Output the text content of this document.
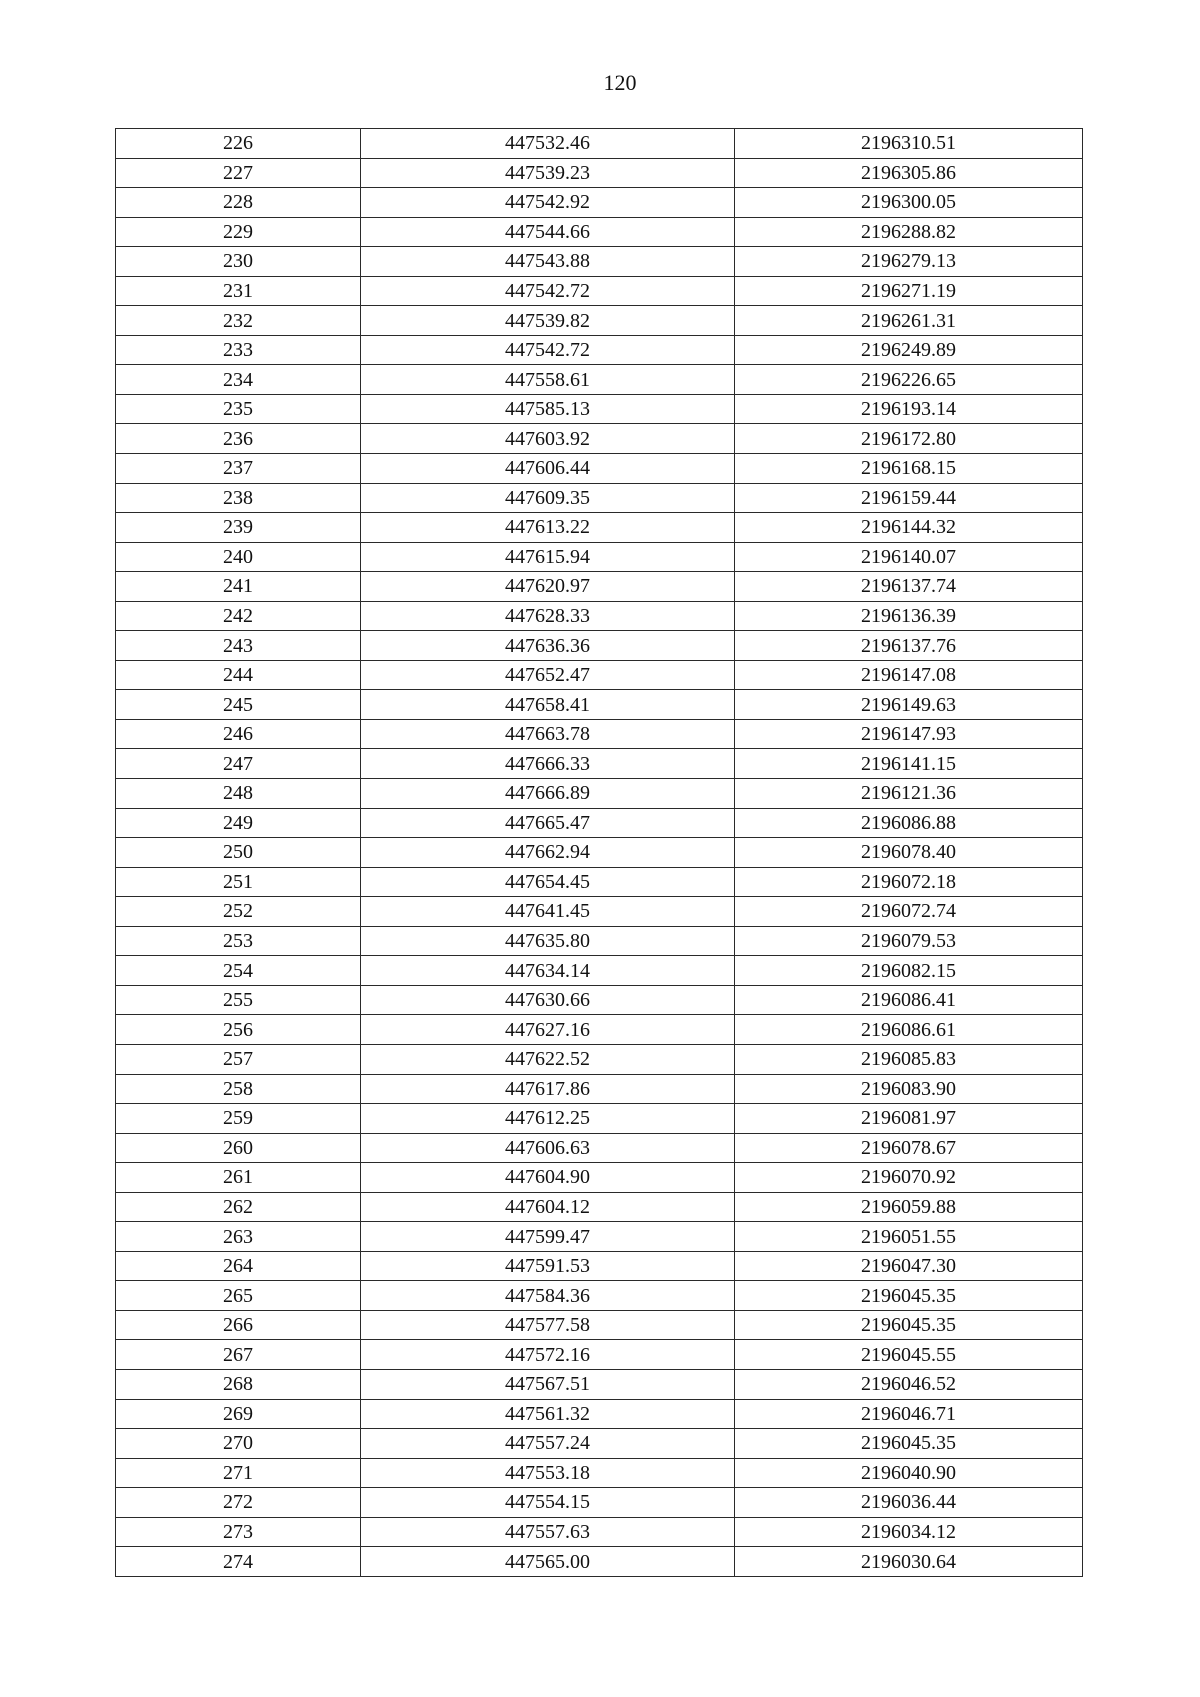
120
226	447532.46	2196310.51
227	447539.23	2196305.86
228	447542.92	2196300.05
229	447544.66	2196288.82
230	447543.88	2196279.13
231	447542.72	2196271.19
232	447539.82	2196261.31
233	447542.72	2196249.89
234	447558.61	2196226.65
235	447585.13	2196193.14
236	447603.92	2196172.80
237	447606.44	2196168.15
238	447609.35	2196159.44
239	447613.22	2196144.32
240	447615.94	2196140.07
241	447620.97	2196137.74
242	447628.33	2196136.39
243	447636.36	2196137.76
244	447652.47	2196147.08
245	447658.41	2196149.63
246	447663.78	2196147.93
247	447666.33	2196141.15
248	447666.89	2196121.36
249	447665.47	2196086.88
250	447662.94	2196078.40
251	447654.45	2196072.18
252	447641.45	2196072.74
253	447635.80	2196079.53
254	447634.14	2196082.15
255	447630.66	2196086.41
256	447627.16	2196086.61
257	447622.52	2196085.83
258	447617.86	2196083.90
259	447612.25	2196081.97
260	447606.63	2196078.67
261	447604.90	2196070.92
262	447604.12	2196059.88
263	447599.47	2196051.55
264	447591.53	2196047.30
265	447584.36	2196045.35
266	447577.58	2196045.35
267	447572.16	2196045.55
268	447567.51	2196046.52
269	447561.32	2196046.71
270	447557.24	2196045.35
271	447553.18	2196040.90
272	447554.15	2196036.44
273	447557.63	2196034.12
274	447565.00	2196030.64
